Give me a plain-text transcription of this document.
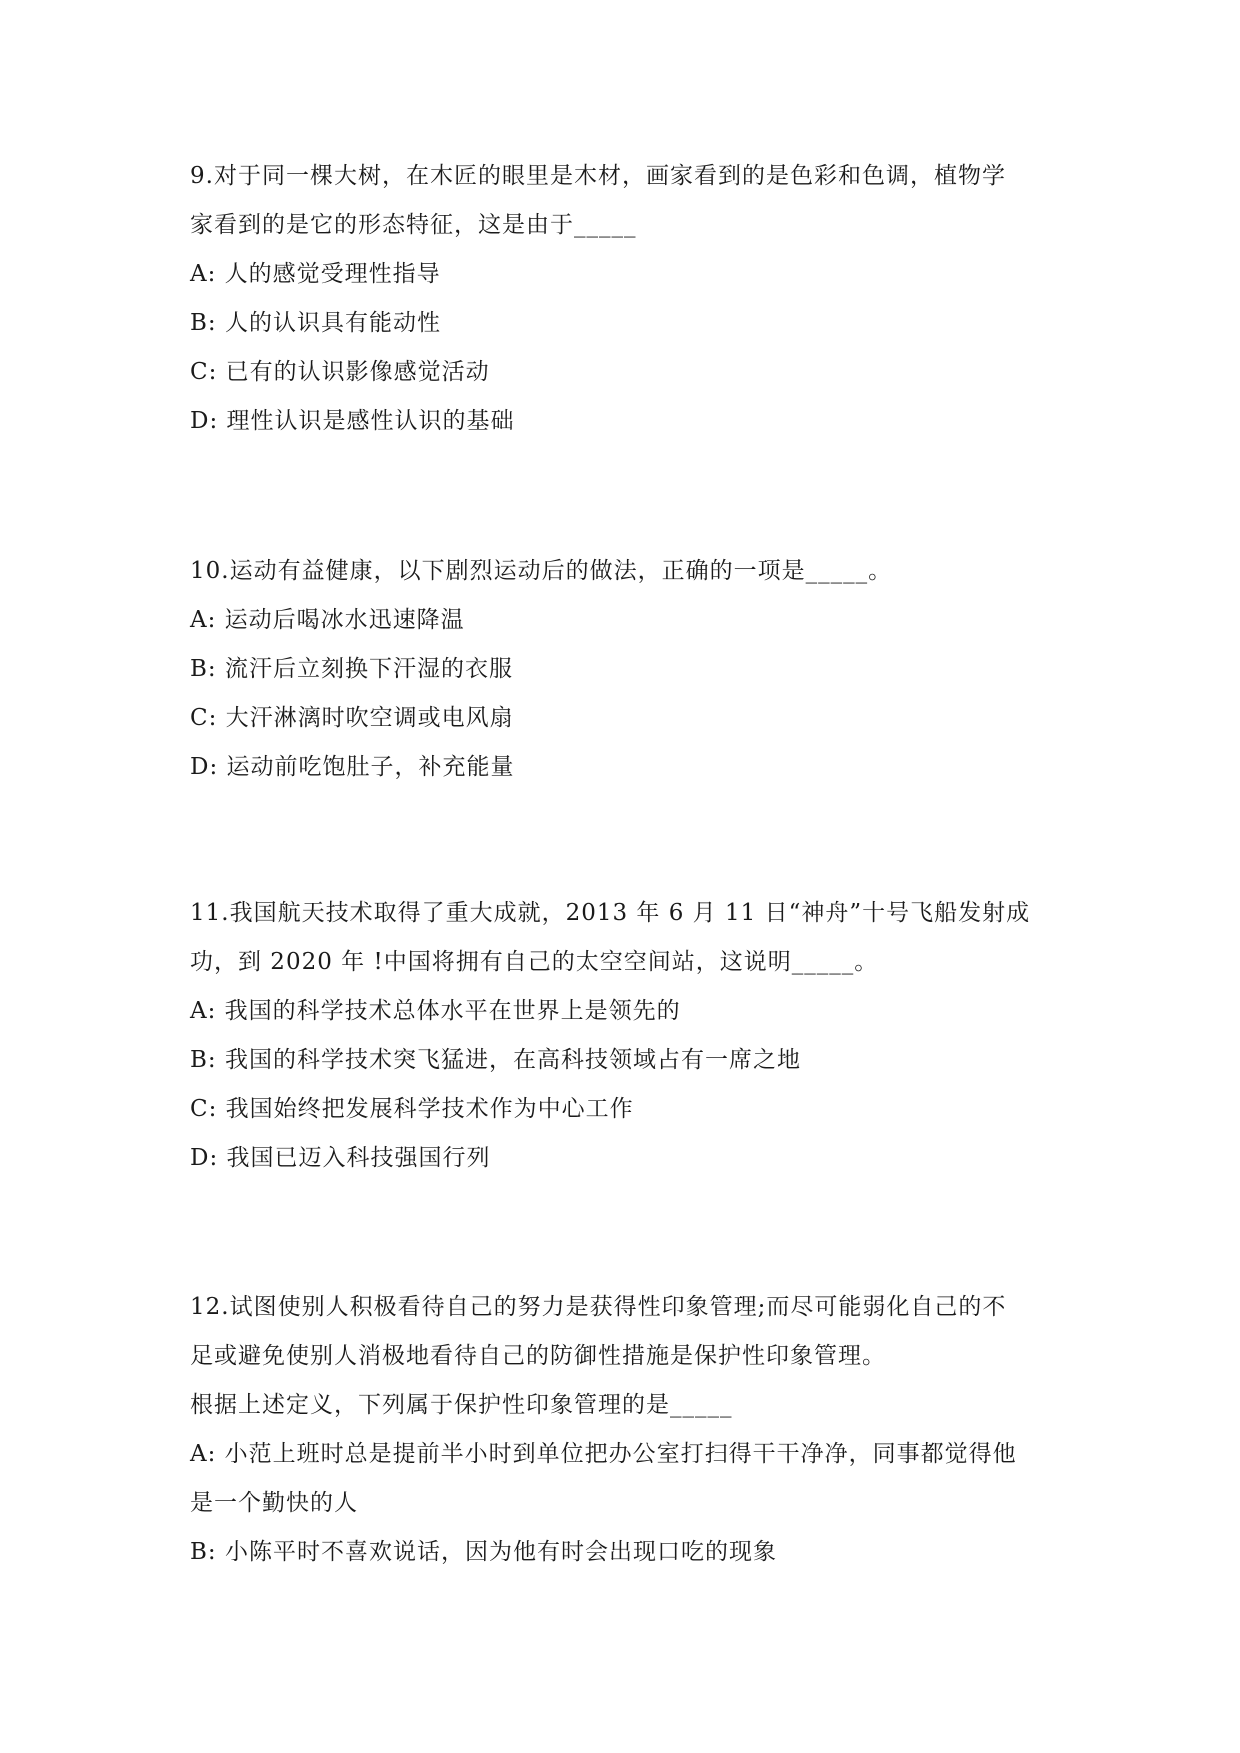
9.对于同一棵大树，在木匠的眼里是木材，画家看到的是色彩和色调，植物学
家看到的是它的形态特征，这是由于_____
A: 人的感觉受理性指导
B: 人的认识具有能动性
C: 已有的认识影像感觉活动
D: 理性认识是感性认识的基础
10.运动有益健康，以下剧烈运动后的做法，正确的一项是_____。
A: 运动后喝冰水迅速降温
B: 流汗后立刻换下汗湿的衣服
C: 大汗淋漓时吹空调或电风扇
D: 运动前吃饱肚子，补充能量
11.我国航天技术取得了重大成就，2013 年 6 月 11 日“神舟”十号飞船发射成
功，到 2020 年 !中国将拥有自己的太空空间站，这说明_____。
A: 我国的科学技术总体水平在世界上是领先的
B: 我国的科学技术突飞猛进，在高科技领域占有一席之地
C: 我国始终把发展科学技术作为中心工作
D: 我国已迈入科技强国行列
12.试图使别人积极看待自己的努力是获得性印象管理;而尽可能弱化自己的不
足或避免使别人消极地看待自己的防御性措施是保护性印象管理。
根据上述定义，下列属于保护性印象管理的是_____
A: 小范上班时总是提前半小时到单位把办公室打扫得干干净净，同事都觉得他
是一个勤快的人
B: 小陈平时不喜欢说话，因为他有时会出现口吃的现象
